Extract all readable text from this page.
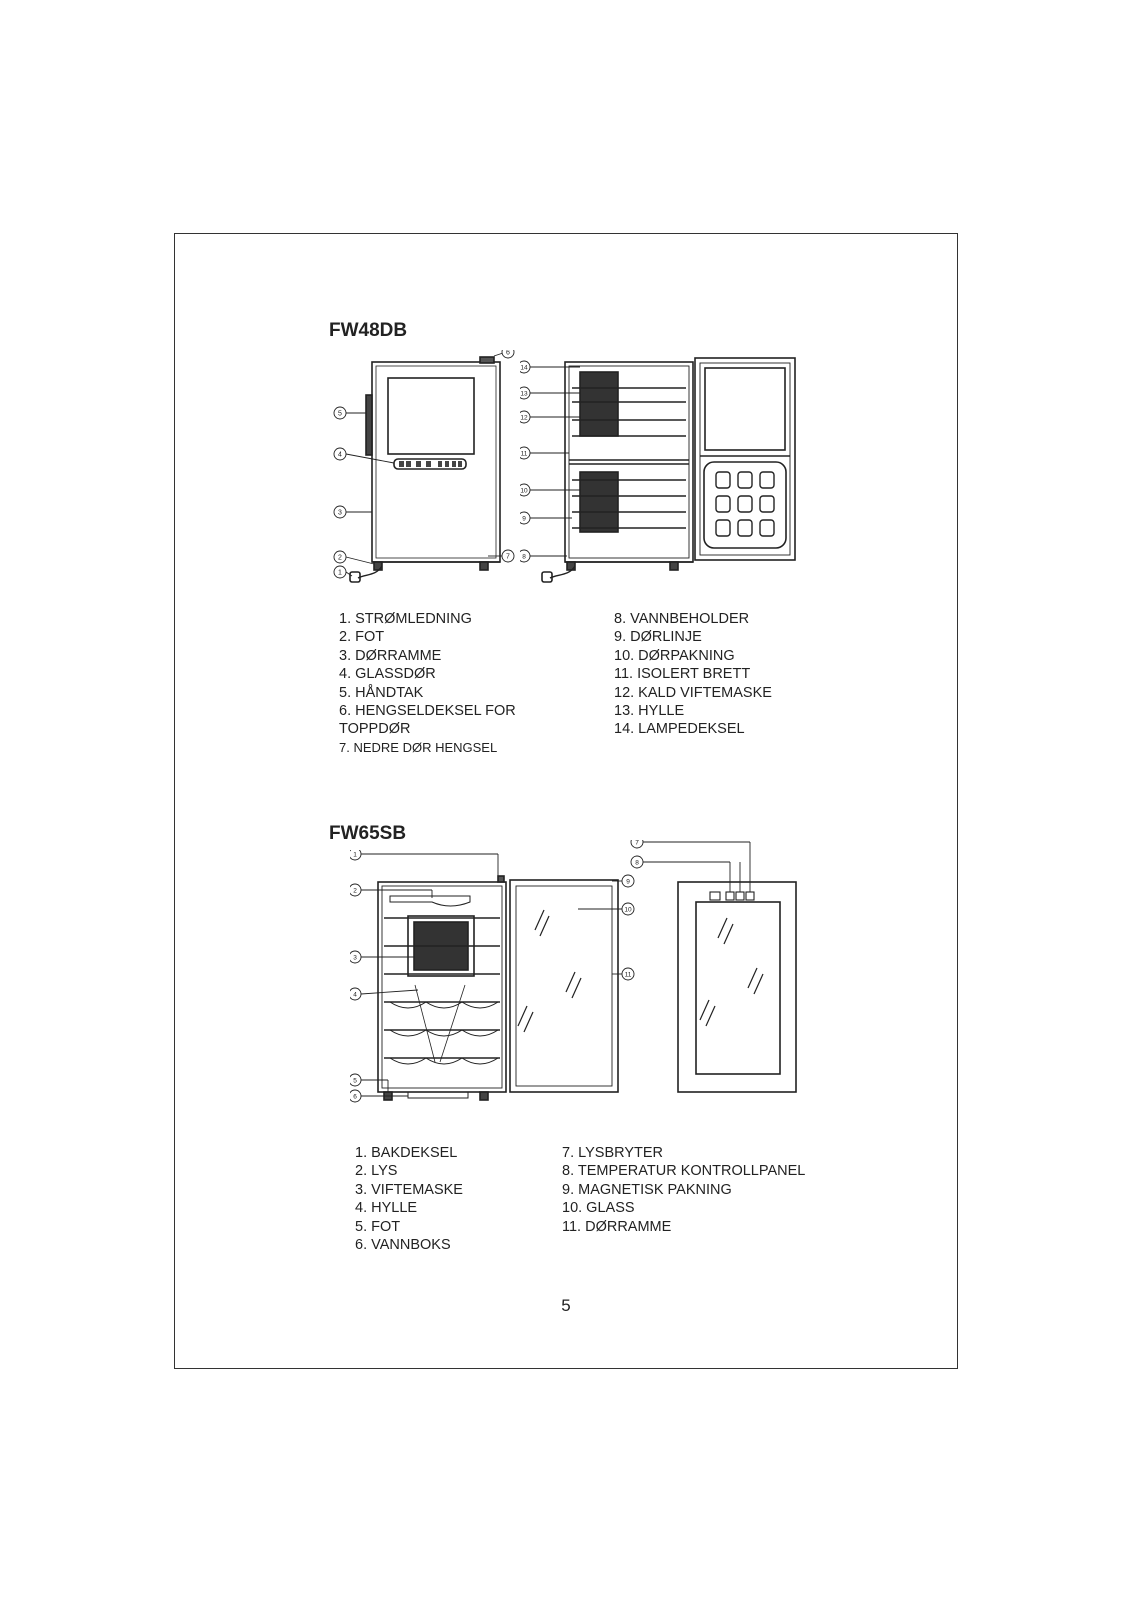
FW48DB
6
5
4
3
2	7
1
14
13
12
11
10
9
8
1. STRØMLEDNING
2. FOT
3. DØRRAMME
4. GLASSDØR
5. HÅNDTAK
6. HENGSELDEKSEL FOR
TOPPDØR
7. NEDRE DØR HENGSEL
8. VANNBEHOLDER
9. DØRLINJE
10. DØRPAKNING
11. ISOLERT BRETT
12. KALD VIFTEMASKE
13. HYLLE
14. LAMPEDEKSEL
FW65SB
1
2
3
4
5
6
9
10
11
7
8
1. BAKDEKSEL
2. LYS
3. VIFTEMASKE
4. HYLLE
5. FOT
6. VANNBOKS
7. LYSBRYTER
8. TEMPERATUR KONTROLLPANEL
9. MAGNETISK PAKNING
10. GLASS
11. DØRRAMME
5
